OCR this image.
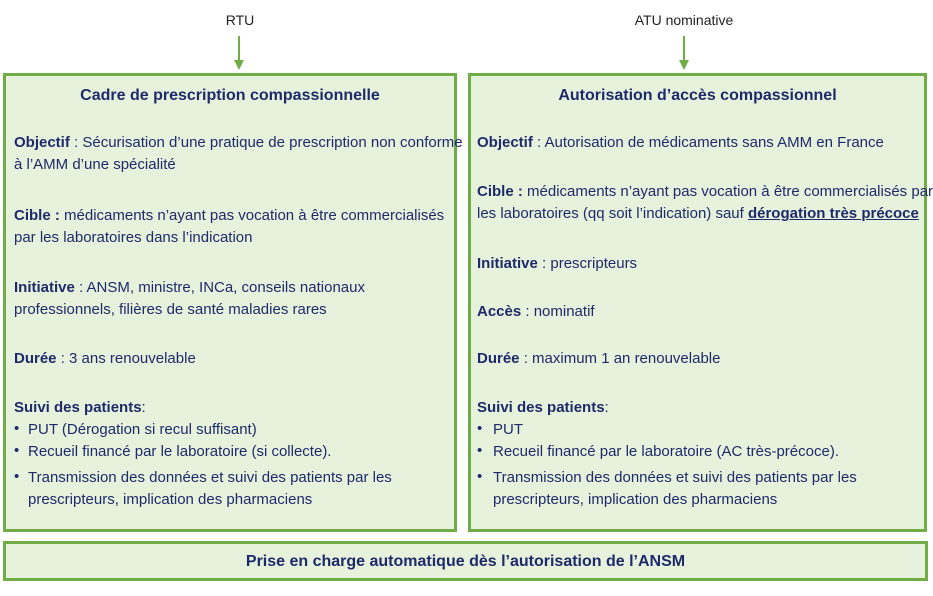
RTU	ATU nominative
Cadre de prescription compassionnelle
Objectif : Sécurisation d’une pratique de prescription non conforme
à l’AMM d’une spécialité
Cible : médicaments n’ayant pas vocation à être commercialisés
par les laboratoires dans l’indication
Initiative : ANSM, ministre, INCa, conseils nationaux
professionnels, filières de santé maladies rares
Durée : 3 ans renouvelable
Suivi des patients:
• PUT (Dérogation si recul suffisant)
• Recueil financé par le laboratoire (si collecte).
• Transmission des données et suivi des patients par les
prescripteurs, implication des pharmaciens
Autorisation d’accès compassionnel
Objectif : Autorisation de médicaments sans AMM en France
Cible : médicaments n’ayant pas vocation à être commercialisés par
les laboratoires (qq soit l’indication) sauf dérogation très précoce
Initiative : prescripteurs
Accès : nominatif
Durée : maximum 1 an renouvelable
Suivi des patients:
• PUT
• Recueil financé par le laboratoire (AC très-précoce).
• Transmission des données et suivi des patients par les
prescripteurs, implication des pharmaciens
Prise en charge automatique dès l’autorisation de l’ANSM
